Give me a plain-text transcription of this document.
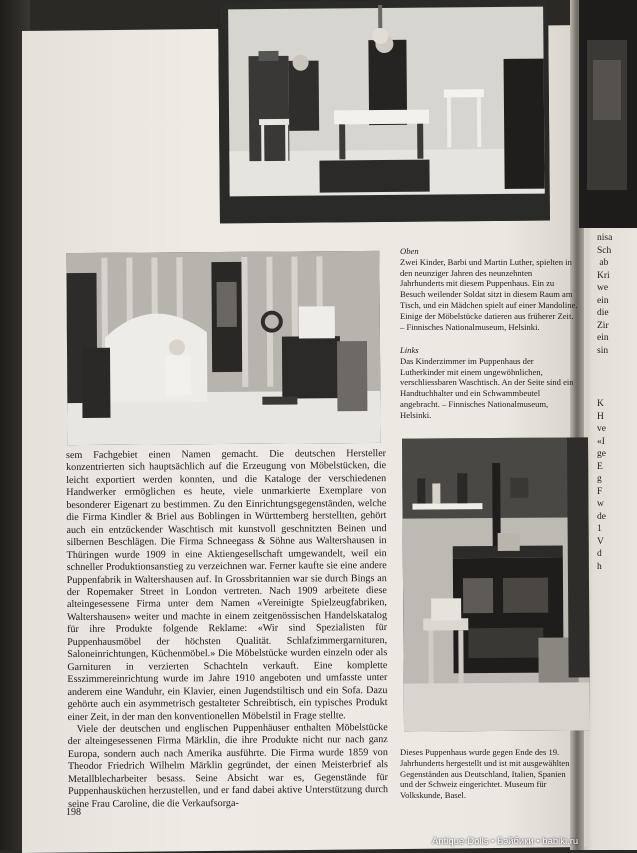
Oben
Zwei Kinder, Barbi und Martin Luther, spielten in den neunziger Jahren des neunzehnten Jahrhunderts mit diesem Puppenhaus. Ein zu Besuch weilender Soldat sitzt in diesem Raum am Tisch, und ein Mädchen spielt auf einer Mandoline. Einige der Möbelstücke datieren aus früherer Zeit. – Finnisches Nationalmuseum, Helsinki.
Links
Das Kinderzimmer im Puppenhaus der Lutherkinder mit einem ungewöhnlichen, verschliessbaren Waschtisch. An der Seite sind ein Handtuchhalter und ein Schwammbeutel angebracht. – Finnisches Nationalmuseum, Helsinki.
Dieses Puppenhaus wurde gegen Ende des 19. Jahrhunderts hergestellt und ist mit ausgewählten Gegenständen aus Deutschland, Italien, Spanien und der Schweiz eingerichtet. Museum für Volkskunde, Basel.

sem Fachgebiet einen Namen gemacht. Die deutschen Hersteller konzentrierten sich hauptsächlich auf die Erzeugung von Möbelstücken, die leicht exportiert werden konnten, und die Kataloge der verschiedenen Handwerker ermöglichen es heute, viele unmarkierte Exemplare von besonderer Eigenart zu bestimmen. Zu den Einrichtungsgegenständen, welche die Firma Kindler & Briel aus Boblingen in Württemberg herstellten, gehört auch ein entzückender Waschtisch mit kunstvoll geschnitzten Beinen und silbernen Beschlägen. Die Firma Schneegass & Söhne aus Waltershausen in Thüringen wurde 1909 in eine Aktiengesellschaft umgewandelt, weil ein schneller Produktionsanstieg zu verzeichnen war. Ferner kaufte sie eine andere Puppenfabrik in Waltershausen auf. In Grossbritannien war sie durch Bings an der Ropemaker Street in London vertreten. Nach 1909 arbeitete diese alteingesessene Firma unter dem Namen «Vereinigte Spielzeugfabriken, Waltershausen» weiter und machte in einem zeitgenössischen Handelskatalog für ihre Produkte folgende Reklame: «Wir sind Spezialisten für Puppenhausmöbel der höchsten Qualität. Schlafzimmergarnituren, Saloneinrichtungen, Küchenmöbel.» Die Möbelstücke wurden einzeln oder als Garnituren in verzierten Schachteln verkauft. Eine komplette Esszimmereinrichtung wurde im Jahre 1910 angeboten und umfasste unter anderem eine Wanduhr, ein Klavier, einen Jugendstiltisch und ein Sofa. Dazu gehörte auch ein asymmetrisch gestalteter Schreibtisch, ein typisches Produkt einer Zeit, in der man den konventionellen Möbelstil in Frage stellte.

Viele der deutschen und englischen Puppenhäuser enthalten Möbelstücke der alteingesessenen Firma Märklin, die ihre Produkte nicht nur nach ganz Europa, sondern auch nach Amerika ausführte. Die Firma wurde 1859 von Theodor Friedrich Wilhelm Märklin gegründet, der einen Meisterbrief als Metallblecharbeiter besass. Seine Absicht war es, Gegenstände für Puppenhausküchen herzustellen, und er fand dabei aktive Unterstützung durch seine Frau Caroline, die die Verkaufsorga-

198
nisa
Sch
ab
Kri
we
ein
die
Zir
ein
sin
K
H
ve
«I
ge
E
g
F
w
de
1
V
d
h
Antique-Dolls • Бэйбики • babiki.ru
